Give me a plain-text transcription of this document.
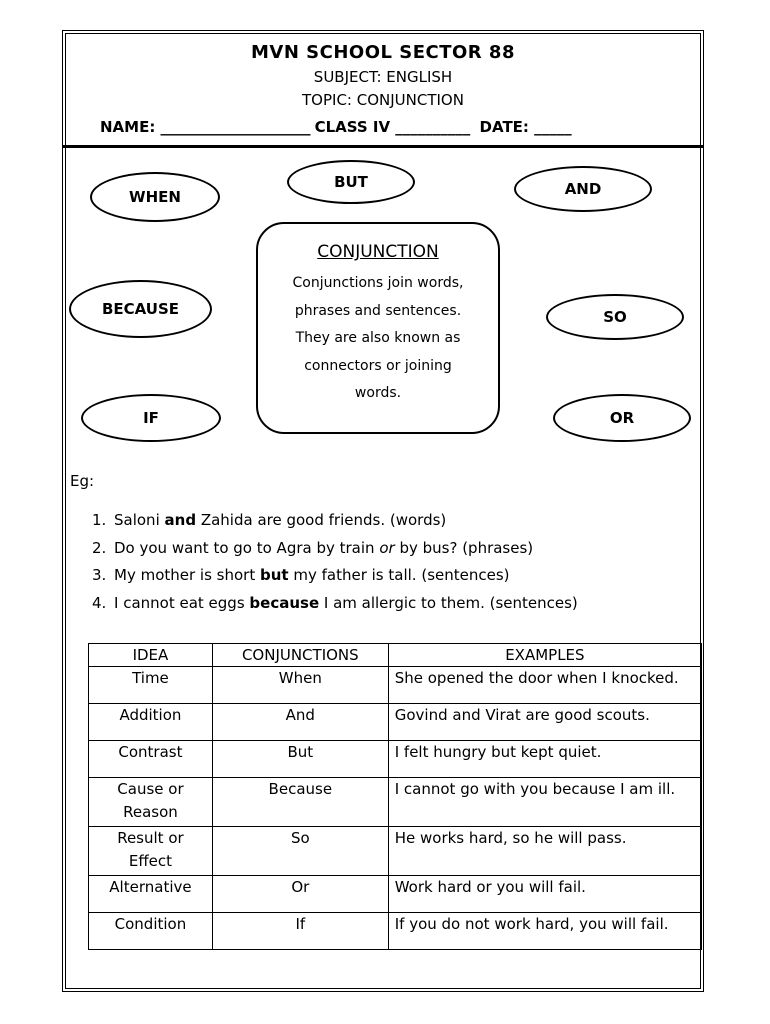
MVN SCHOOL SECTOR 88
SUBJECT: ENGLISH
TOPIC: CONJUNCTION
NAME: ____________________ CLASS IV __________ DATE: _____
WHEN
BUT	AND
BECAUSE	SO
IF	OR
CONJUNCTION
Conjunctions join words,
phrases and sentences.
They are also known as
connectors or joining
words.
Eg:
1. Saloni and Zahida are good friends. (words)
2. Do you want to go to Agra by train or by bus? (phrases)
3. My mother is short but my father is tall. (sentences)
4. I cannot eat eggs because I am allergic to them. (sentences)
IDEA	CONJUNCTIONS	EXAMPLES
Time	When	She opened the door when I knocked.
Addition	And	Govind and Virat are good scouts.
Contrast	But	I felt hungry but kept quiet.
Cause or Reason	Because	I cannot go with you because I am ill.
Result or Effect	So	He works hard, so he will pass.
Alternative	Or	Work hard or you will fail.
Condition	If	If you do not work hard, you will fail.
